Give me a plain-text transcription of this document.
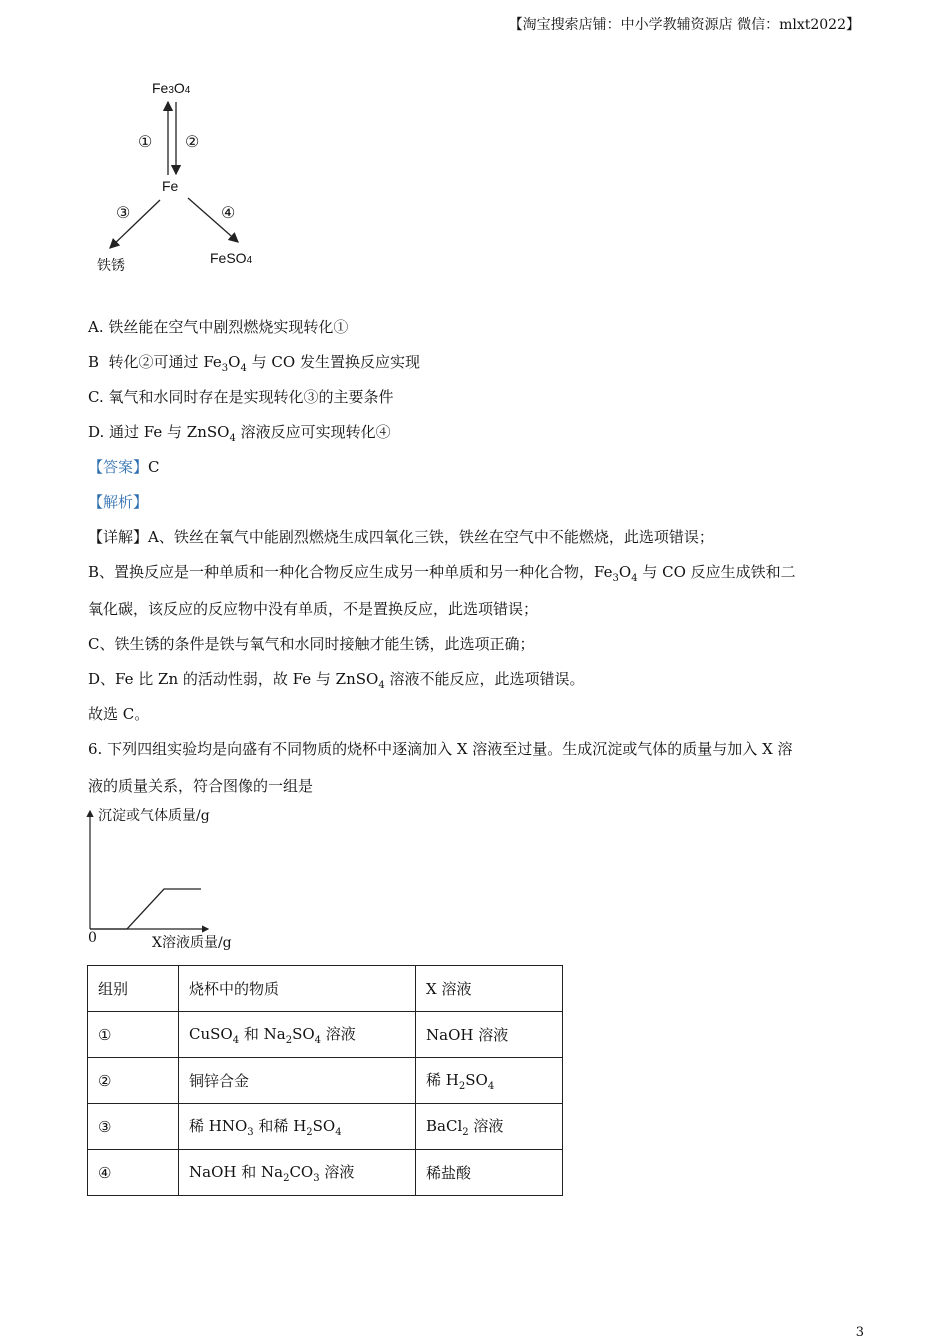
【淘宝搜索店铺：中小学教辅资源店 微信：mlxt2022】
Fe3O4
Fe
铁锈	FeSO4
① ②
③	④
A. 铁丝能在空气中剧烈燃烧实现转化①
B  转化②可通过 $Fe_3O_4$ 与 CO 发生置换反应实现
C. 氧气和水同时存在是实现转化③的主要条件
D. 通过 Fe 与 ZnSO$_4$ 溶液反应可实现转化④
【答案】C
【解析】
【详解】A、铁丝在氧气中能剧烈燃烧生成四氧化三铁，铁丝在空气中不能燃烧，此选项错误；
B、置换反应是一种单质和一种化合物反应生成另一种单质和另一种化合物，$Fe_3O_4$ 与 CO 反应生成铁和二
氧化碳，该反应的反应物中没有单质，不是置换反应，此选项错误；
C、铁生锈的条件是铁与氧气和水同时接触才能生锈，此选项正确；
D、Fe 比 Zn 的活动性弱，故 Fe 与 ZnSO$_4$ 溶液不能反应，此选项错误。
故选 C。
6. 下列四组实验均是向盛有不同物质的烧杯中逐滴加入 X 溶液至过量。生成沉淀或气体的质量与加入 X 溶
液的质量关系，符合图像的一组是
沉淀或气体质量/g
0	X溶液质量/g
组别	烧杯中的物质	X 溶液
①	CuSO$_4$ 和 $Na_2SO_4$ 溶液	NaOH 溶液
②	铜锌合金	稀 $H_2SO_4$
③	稀 $HNO_3$ 和稀 $H_2SO_4$	BaCl$_2$ 溶液
④	NaOH 和 $Na_2CO_3$ 溶液	稀盐酸
3
